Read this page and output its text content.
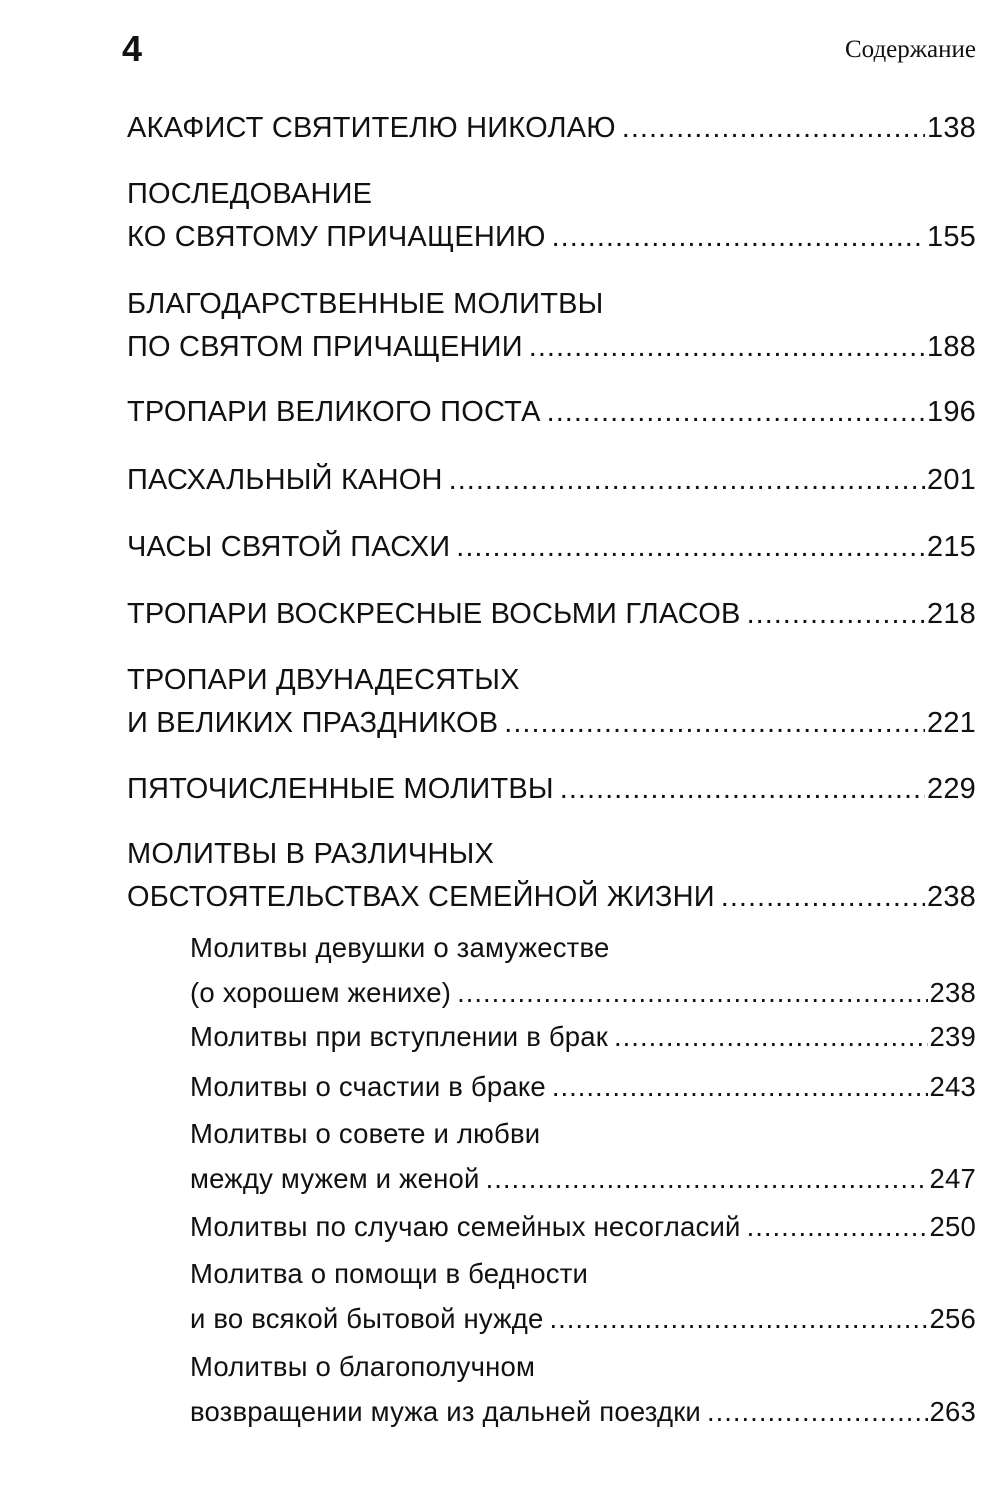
4	Содержание
АКАФИСТ СВЯТИТЕЛЮ НИКОЛАЮ .....	138
ПОСЛЕДОВАНИЕ
КО СВЯТОМУ ПРИЧАЩЕНИЮ .....	155
БЛАГОДАРСТВЕННЫЕ МОЛИТВЫ
ПО СВЯТОМ ПРИЧАЩЕНИИ .....	188
ТРОПАРИ ВЕЛИКОГО ПОСТА .....	196
ПАСХАЛЬНЫЙ КАНОН .....	201
ЧАСЫ СВЯТОЙ ПАСХИ .....	215
ТРОПАРИ ВОСКРЕСНЫЕ ВОСЬМИ ГЛАСОВ .....	218
ТРОПАРИ ДВУНАДЕСЯТЫХ
И ВЕЛИКИХ ПРАЗДНИКОВ .....	221
ПЯТОЧИСЛЕННЫЕ МОЛИТВЫ .....	229
МОЛИТВЫ В РАЗЛИЧНЫХ
ОБСТОЯТЕЛЬСТВАХ СЕМЕЙНОЙ ЖИЗНИ .....	238
Молитвы девушки о замужестве
(о хорошем женихе) .....	238
Молитвы при вступлении в брак .....	239
Молитвы о счастии в браке .....	243
Молитвы о совете и любви
между мужем и женой .....	247
Молитвы по случаю семейных несогласий .....	250
Молитва о помощи в бедности
и во всякой бытовой нужде .....	256
Молитвы о благополучном
возвращении мужа из дальней поездки .....	263
